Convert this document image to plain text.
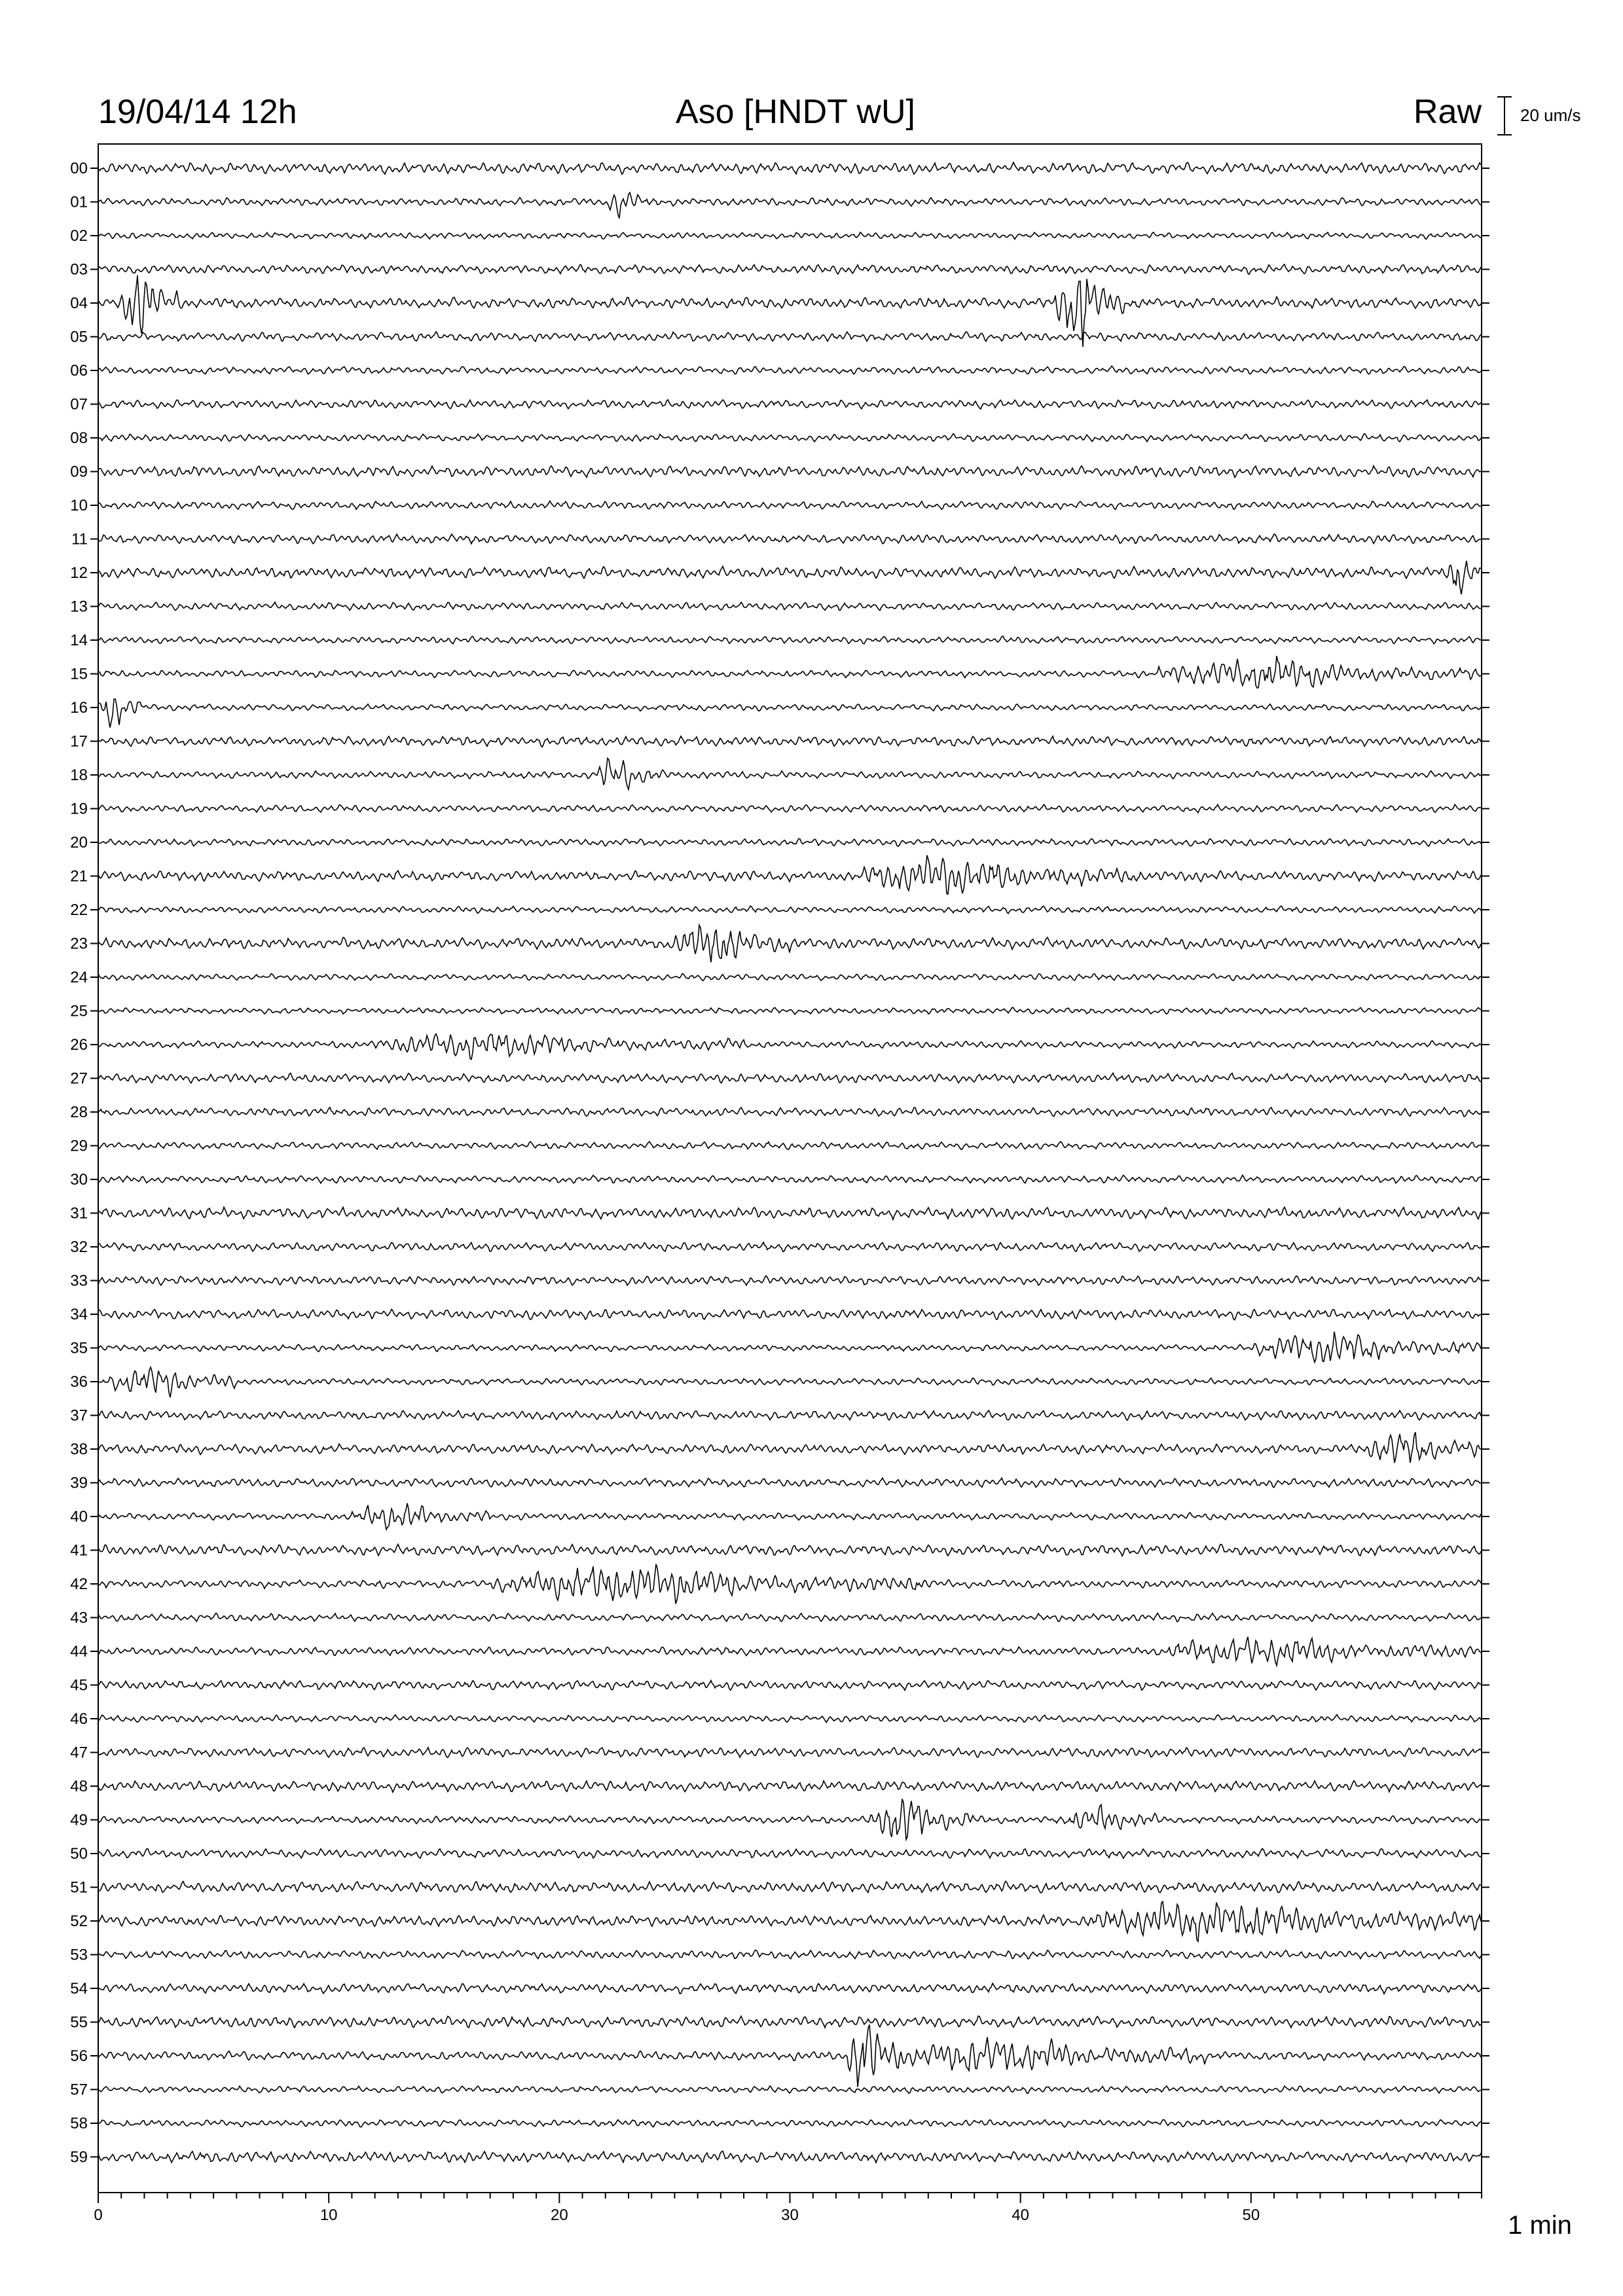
19/04/14 12h	Aso [HNDT wU]	Raw 20 um/s
00
01
02
03
04
05
06
07
08
09
10
11
12
13
14
15
16
17
18
19
20
21
22
23
24
25
26
27
28
29
30
31
32
33
34
35
36
37
38
39
40
41
42
43
44
45
46
47
48
49
50
51
52
53
54
55
56
57
58
59
0	10	20	30	40	50	1 min
